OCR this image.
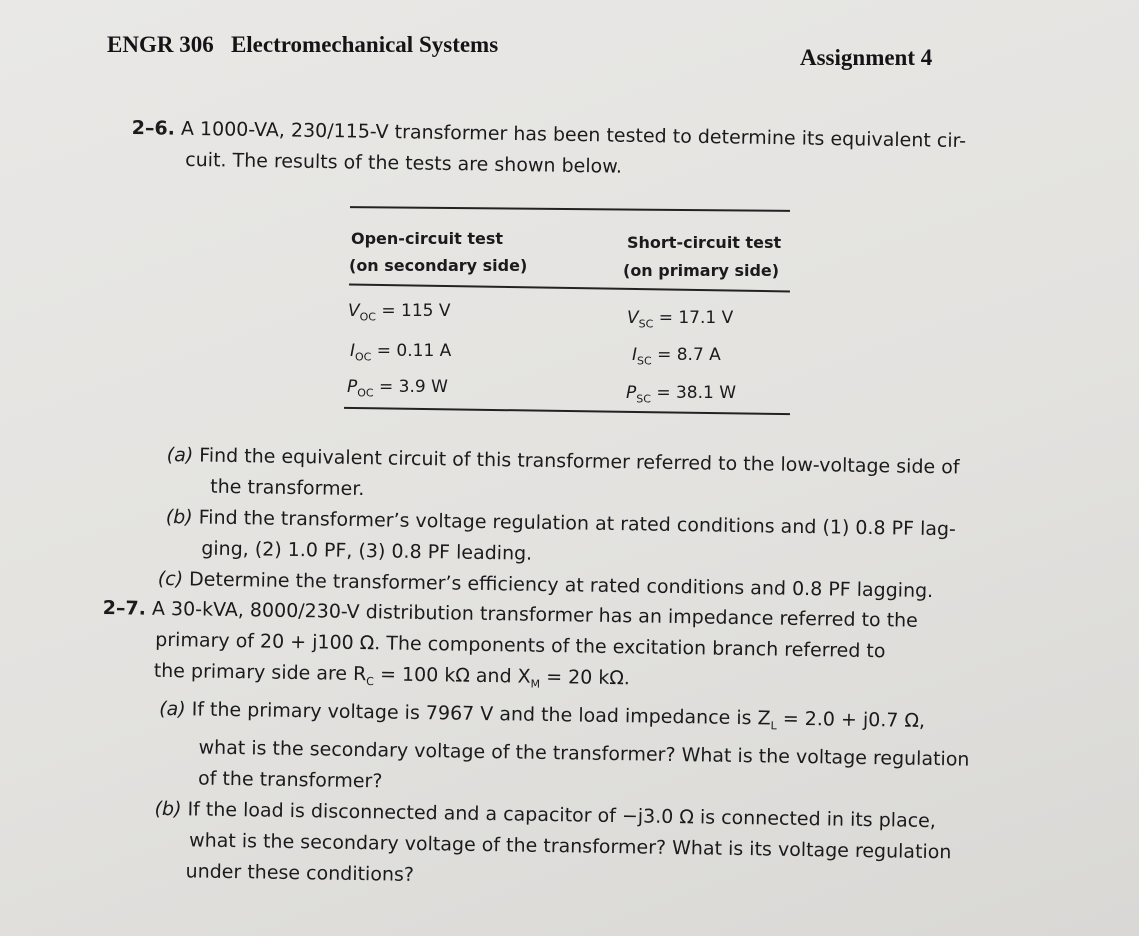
ENGR 306   Electromechanical Systems
Assignment 4
2–6. A 1000-VA, 230/115-V transformer has been tested to determine its equivalent cir-
cuit. The results of the tests are shown below.
Open-circuit test
(on secondary side)
Short-circuit test
(on primary side)
$V_{OC} = 115$ V
$I_{OC} = 0.11$ A
$P_{OC} = 3.9$ W
$V_{SC} = 17.1$ V
$I_{SC} = 8.7$ A
$P_{SC} = 38.1$ W
(a) Find the equivalent circuit of this transformer referred to the low-voltage side of
the transformer.
(b) Find the transformer’s voltage regulation at rated conditions and (1) 0.8 PF lag-
ging, (2) 1.0 PF, (3) 0.8 PF leading.
(c) Determine the transformer’s efficiency at rated conditions and 0.8 PF lagging.
2–7. A 30-kVA, 8000/230-V distribution transformer has an impedance referred to the
primary of 20 + j100 Ω. The components of the excitation branch referred to
the primary side are $R_C = 100$ kΩ and $X_M = 20$ kΩ.
(a) If the primary voltage is 7967 V and the load impedance is $Z_L = 2.0 + j0.7$ Ω,
what is the secondary voltage of the transformer? What is the voltage regulation
of the transformer?
(b) If the load is disconnected and a capacitor of −j3.0 Ω is connected in its place,
what is the secondary voltage of the transformer? What is its voltage regulation
under these conditions?
